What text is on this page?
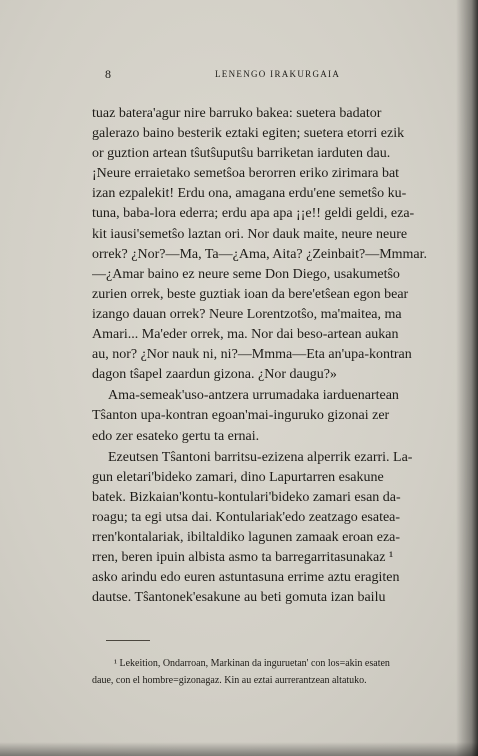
8	LENENGO IRAKURGAIA
tuaz batera'agur nire barruko bakea: suetera badator
galerazo baino besterik eztaki egiten; suetera etorri ezik
or guztion artean tŝutŝuputŝu barriketan iarduten dau.
¡Neure erraietako semetŝoa berorren eriko zirimara bat
izan ezpalekit! Erdu ona, amagana erdu'ene semetŝo ku-
tuna, baba-lora ederra; erdu apa apa ¡¡e!! geldi geldi, eza-
kit iausi'semetŝo laztan ori. Nor dauk maite, neure neure
orrek? ¿Nor?—Ma, Ta—¿Ama, Aita? ¿Zeinbait?—Mmmar.
—¿Amar baino ez neure seme Don Diego, usakumetŝo
zurien orrek, beste guztiak ioan da bere'etŝean egon bear
izango dauan orrek? Neure Lorentzotŝo, ma'maitea, ma
Amari... Ma'eder orrek, ma. Nor dai beso-artean aukan
au, nor? ¿Nor nauk ni, ni?—Mmma—Eta an'upa-kontran
dagon tŝapel zaardun gizona. ¿Nor daugu?»
Ama-semeak'uso-antzera urrumadaka iarduenartean
Tŝanton upa-kontran egoan'mai-inguruko gizonai zer
edo zer esateko gertu ta ernai.
Ezeutsen Tŝantoni barritsu-ezizena alperrik ezarri. La-
gun eletari'bideko zamari, dino Lapurtarren esakune
batek. Bizkaian'kontu-kontulari'bideko zamari esan da-
roagu; ta egi utsa dai. Kontulariak'edo zeatzago esatea-
rren'kontalariak, ibiltaldiko lagunen zamaak eroan eza-
rren, beren ipuin albista asmo ta barregarritasunakaz ¹
asko arindu edo euren astuntasuna errime aztu eragiten
dautse. Tŝantonek'esakune au beti gomuta izan bailu
¹ Lekeition, Ondarroan, Markinan da inguruetan' con los=akin esaten
daue, con el hombre=gizonagaz. Kin au eztai aurrerantzean altatuko.
